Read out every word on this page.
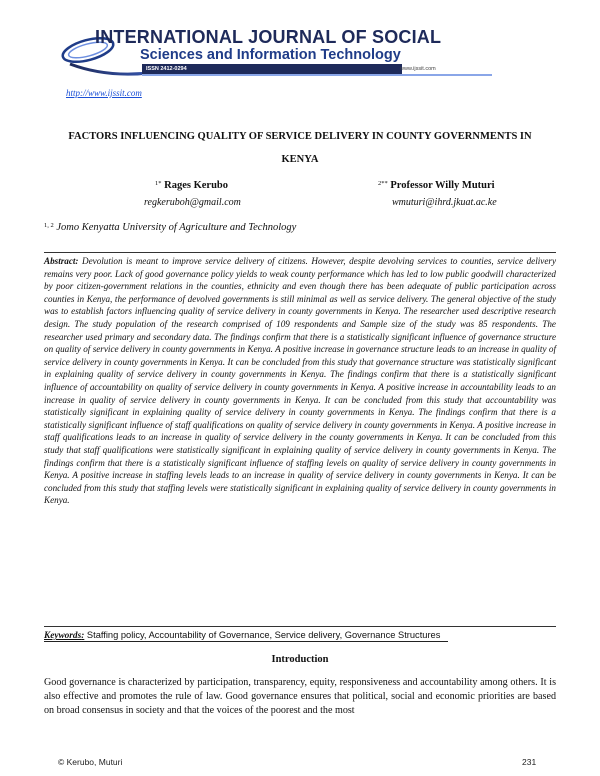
INTERNATIONAL JOURNAL OF SOCIAL
Sciences and Information Technology
ISSN 2412-0294	www.ijssit.com
http://www.ijssit.com
FACTORS INFLUENCING QUALITY OF SERVICE DELIVERY IN COUNTY GOVERNMENTS IN KENYA
$^{1*}$ Rages Kerubo
regkeruboh@gmail.com
$^{2**}$ Professor Willy Muturi
wmuturi@ihrd.jkuat.ac.ke
$^{1, 2}$ Jomo Kenyatta University of Agriculture and Technology
Abstract: Devolution is meant to improve service delivery of citizens. However, despite devolving services to counties, service delivery remains very poor. Lack of good governance policy yields to weak county performance which has led to low public goodwill characterized by poor citizen-government relations in the counties, ethnicity and even though there has been adequate of public participation across counties in Kenya, the performance of devolved governments is still minimal as well as service delivery. The general objective of the study was to establish factors influencing quality of service delivery in county governments in Kenya. The researcher used descriptive research design. The study population of the research comprised of 109 respondents and Sample size of the study was 85 respondents. The researcher used primary and secondary data. The findings confirm that there is a statistically significant influence of governance structure on quality of service delivery in county governments in Kenya. A positive increase in governance structure leads to an increase in quality of service delivery in county governments in Kenya. It can be concluded from this study that governance structure was statistically significant in explaining quality of service delivery in county governments in Kenya. The findings confirm that there is a statistically significant influence of accountability on quality of service delivery in county governments in Kenya. A positive increase in accountability leads to an increase in quality of service delivery in county governments in Kenya. It can be concluded from this study that accountability was statistically significant in explaining quality of service delivery in county governments in Kenya. The findings confirm that there is a statistically significant influence of staff qualifications on quality of service delivery in county governments in Kenya. A positive increase in staff qualifications leads to an increase in quality of service delivery in the county governments in Kenya. It can be concluded from this study that staff qualifications were statistically significant in explaining quality of service delivery in county governments in Kenya. The findings confirm that there is a statistically significant influence of staffing levels on quality of service delivery in county governments in Kenya. A positive increase in staffing levels leads to an increase in quality of service delivery in county governments in Kenya. It can be concluded from this study that staffing levels were statistically significant in explaining quality of service delivery in county governments in Kenya.
Keywords: Staffing policy, Accountability of Governance, Service delivery, Governance Structures
Introduction
Good governance is characterized by participation, transparency, equity, responsiveness and accountability among others. It is also effective and promotes the rule of law. Good governance ensures that political, social and economic priorities are based on broad consensus in society and that the voices of the poorest and the most
© Kerubo, Muturi	231
